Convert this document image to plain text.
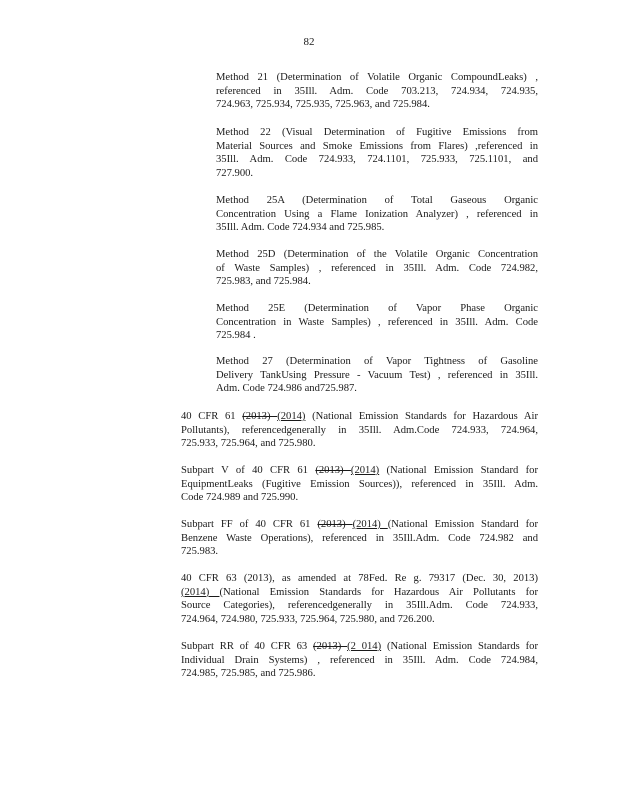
82

Method 21 (Determination of Volatile Organic CompoundLeaks) ,
referenced in 35Ill. Adm. Code 703.213, 724.934, 724.935,
724.963, 725.934, 725.935, 725.963, and 725.984.

Method 22 (Visual Determination of Fugitive Emissions from
Material Sources and Smoke Emissions from Flares) ,referenced in
35Ill. Adm. Code 724.933, 724.1101, 725.933, 725.1101, and
727.900.

Method 25A (Determination of Total Gaseous Organic
Concentration Using a Flame Ionization Analyzer) , referenced in
35Ill. Adm. Code 724.934 and 725.985.

Method 25D (Determination of the Volatile Organic Concentration
of Waste Samples) , referenced in 35Ill. Adm. Code 724.982,
725.983, and 725.984.

Method 25E (Determination of Vapor Phase Organic
Concentration in Waste Samples) , referenced in 35Ill. Adm. Code
725.984 .

Method 27 (Determination of Vapor Tightness of Gasoline
Delivery TankUsing Pressure - Vacuum Test) , referenced in 35Ill.
Adm. Code 724.986 and725.987.

40 CFR 61 (2013) (2014) (National Emission Standards for Hazardous Air
Pollutants), referencedgenerally in 35Ill. Adm.Code 724.933, 724.964,
725.933, 725.964, and 725.980.

Subpart V of 40 CFR 61 (2013) (2014) (National Emission Standard for
EquipmentLeaks (Fugitive Emission Sources)), referenced in 35Ill. Adm.
Code 724.989 and 725.990.

Subpart FF of 40 CFR 61 (2013) (2014) (National Emission Standard for
Benzene Waste Operations), referenced in 35Ill.Adm. Code 724.982 and
725.983.

40 CFR 63 (2013), as amended at 78Fed. Re g. 79317 (Dec. 30, 2013)
(2014) (National Emission Standards for Hazardous Air Pollutants for
Source Categories), referencedgenerally in 35Ill.Adm. Code 724.933,
724.964, 724.980, 725.933, 725.964, 725.980, and 726.200.

Subpart RR of 40 CFR 63 (2013) (2 014) (National Emission Standards for
Individual Drain Systems) , referenced in 35Ill. Adm. Code 724.984,
724.985, 725.985, and 725.986.
